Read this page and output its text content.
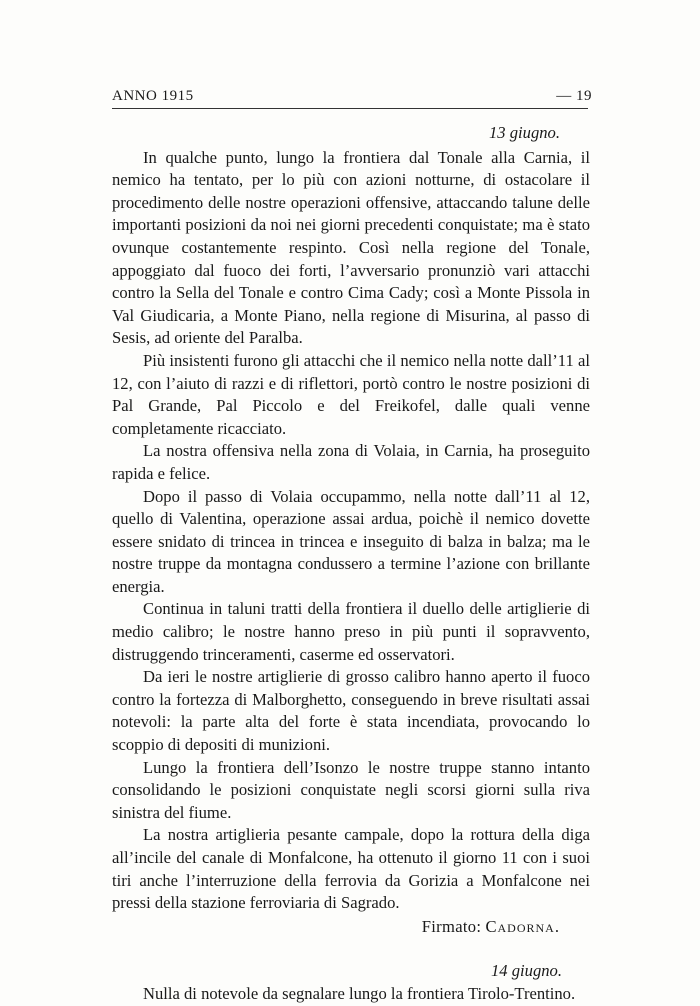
ANNO 1915	— 19
13 giugno.

In qualche punto, lungo la frontiera dal Tonale alla Carnia, il nemico ha tentato, per lo più con azioni notturne, di ostacolare il procedimento delle nostre operazioni offensive, attaccando talune delle importanti posizioni da noi nei giorni precedenti conquistate; ma è stato ovunque costantemente respinto. Così nella regione del Tonale, appoggiato dal fuoco dei forti, l’avversario pronunziò vari attacchi contro la Sella del Tonale e contro Cima Cady; così a Monte Pissola in Val Giudicaria, a Monte Piano, nella regione di Misurina, al passo di Sesis, ad oriente del Paralba.

Più insistenti furono gli attacchi che il nemico nella notte dall’11 al 12, con l’aiuto di razzi e di riflettori, portò contro le nostre posizioni di Pal Grande, Pal Piccolo e del Freikofel, dalle quali venne completamente ricacciato.

La nostra offensiva nella zona di Volaia, in Carnia, ha proseguito rapida e felice.

Dopo il passo di Volaia occupammo, nella notte dall’11 al 12, quello di Valentina, operazione assai ardua, poichè il nemico dovette essere snidato di trincea in trincea e inseguito di balza in balza; ma le nostre truppe da montagna condussero a termine l’azione con brillante energia.

Continua in taluni tratti della frontiera il duello delle artiglierie di medio calibro; le nostre hanno preso in più punti il sopravvento, distruggendo trinceramenti, caserme ed osservatori.

Da ieri le nostre artiglierie di grosso calibro hanno aperto il fuoco contro la fortezza di Malborghetto, conseguendo in breve risultati assai notevoli: la parte alta del forte è stata incendiata, provocando lo scoppio di depositi di munizioni.

Lungo la frontiera dell’Isonzo le nostre truppe stanno intanto consolidando le posizioni conquistate negli scorsi giorni sulla riva sinistra del fiume.

La nostra artiglieria pesante campale, dopo la rottura della diga all’incile del canale di Monfalcone, ha ottenuto il giorno 11 con i suoi tiri anche l’interruzione della ferrovia da Gorizia a Monfalcone nei pressi della stazione ferroviaria di Sagrado.

Firmato: Cadorna.
14 giugno.

Nulla di notevole da segnalare lungo la frontiera Tirolo-Trentino.
